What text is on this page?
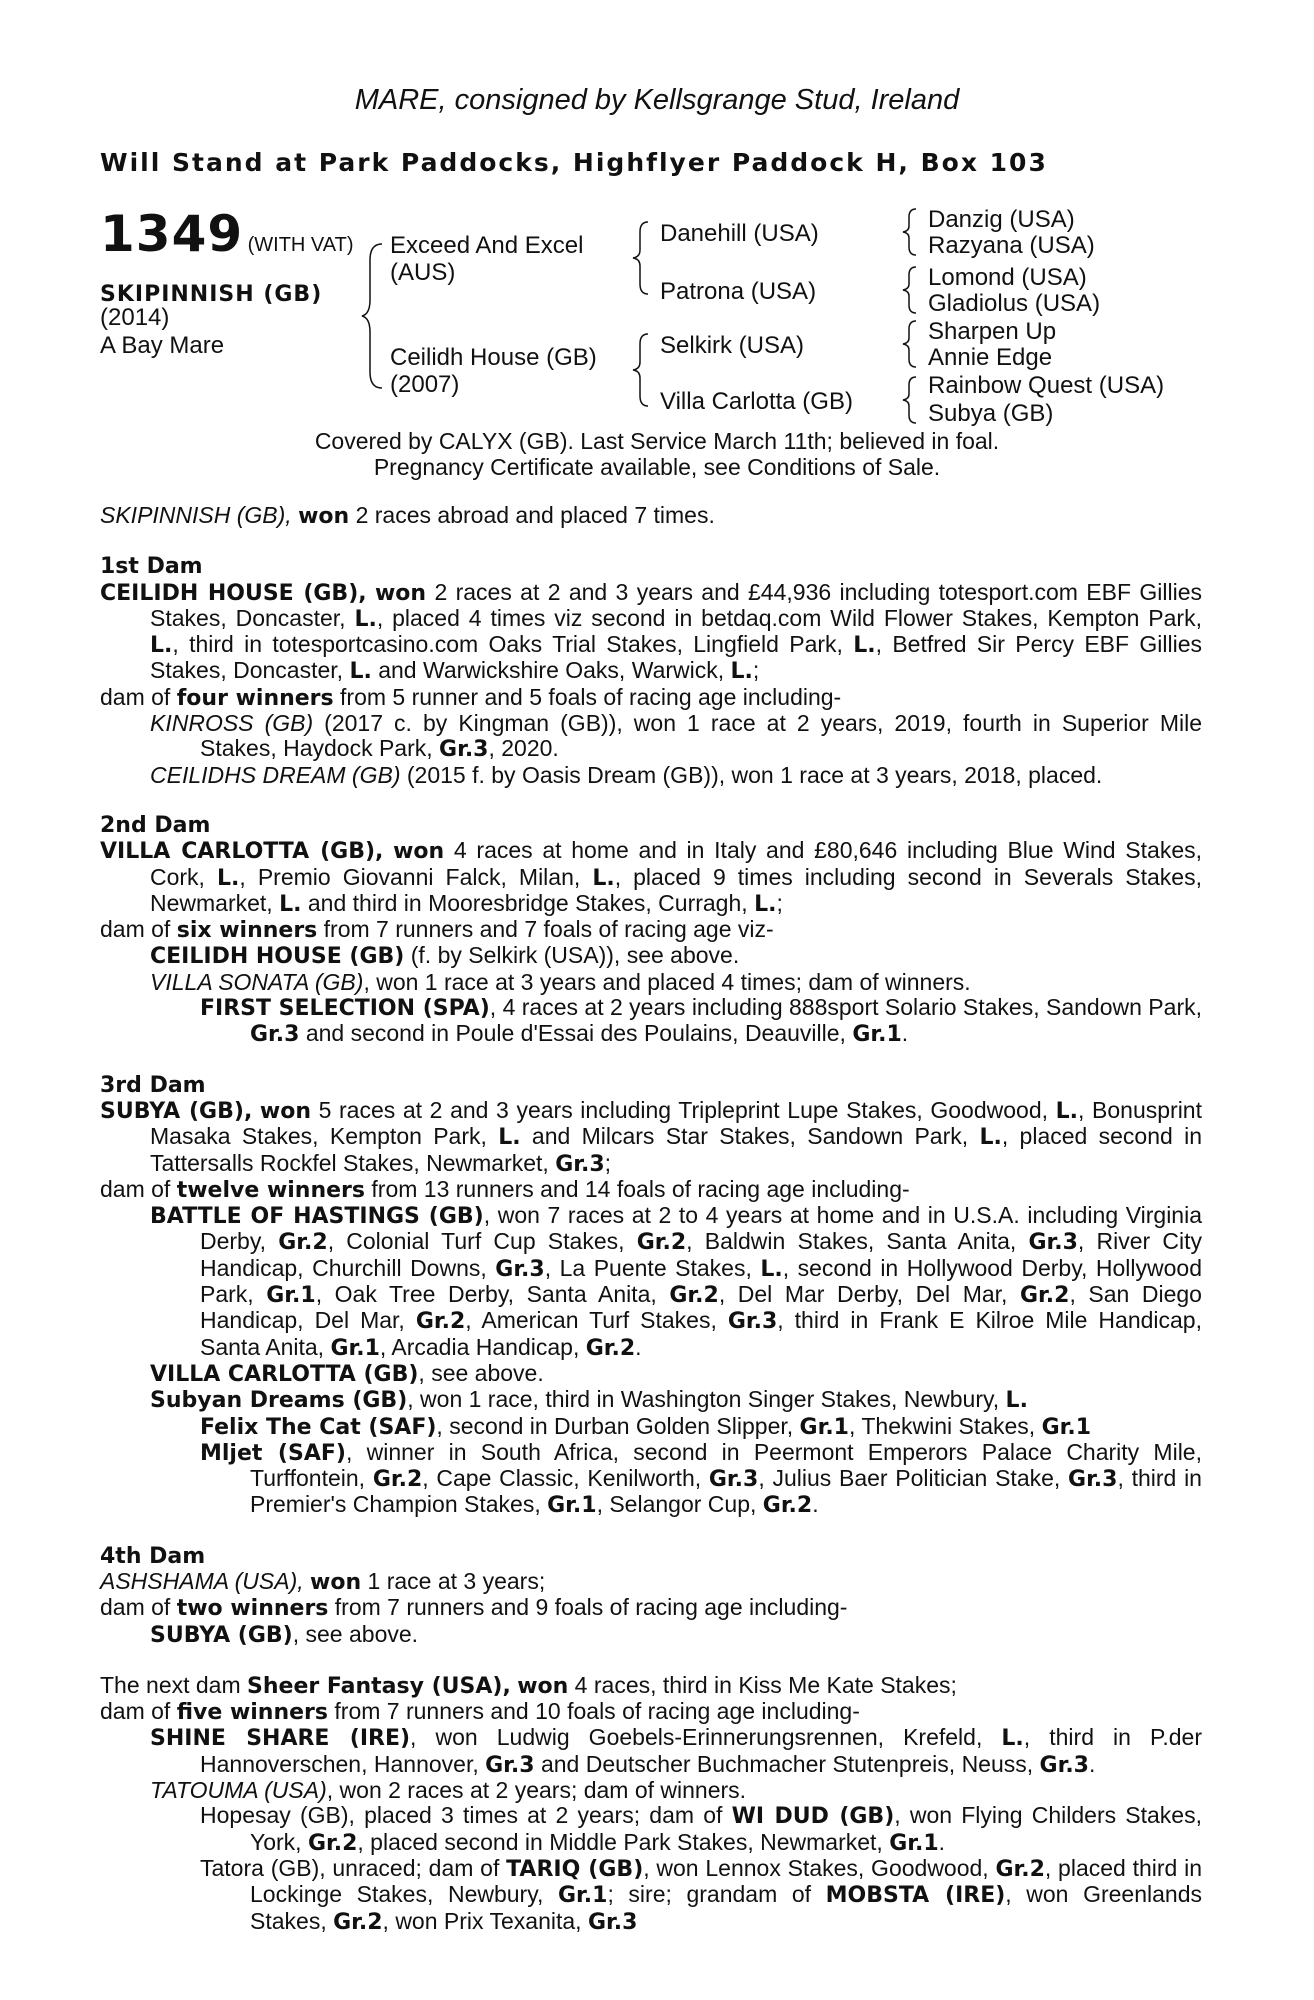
MARE, consigned by Kellsgrange Stud, Ireland
Will Stand at Park Paddocks, Highflyer Paddock H, Box 103
1349 (WITH VAT)
SKIPINNISH (GB)
(2014)
A Bay Mare
Exceed And Excel
(AUS)
Ceilidh House (GB)
(2007)
Danehill (USA)
Patrona (USA)
Selkirk (USA)
Villa Carlotta (GB)
Danzig (USA)
Razyana (USA)
Lomond (USA)
Gladiolus (USA)
Sharpen Up
Annie Edge
Rainbow Quest (USA)
Subya (GB)
Covered by CALYX (GB). Last Service March 11th; believed in foal.
Pregnancy Certificate available, see Conditions of Sale.

SKIPINNISH (GB), won 2 races abroad and placed 7 times.

1st Dam

CEILIDH HOUSE (GB), won 2 races at 2 and 3 years and £44,936 including totesport.com EBF Gillies Stakes, Doncaster, L., placed 4 times viz second in betdaq.com Wild Flower Stakes, Kempton Park, L., third in totesportcasino.com Oaks Trial Stakes, Lingfield Park, L., Betfred Sir Percy EBF Gillies Stakes, Doncaster, L. and Warwickshire Oaks, Warwick, L.;

dam of four winners from 5 runner and 5 foals of racing age including-

KINROSS (GB) (2017 c. by Kingman (GB)), won 1 race at 2 years, 2019, fourth in Superior Mile Stakes, Haydock Park, Gr.3, 2020.

CEILIDHS DREAM (GB) (2015 f. by Oasis Dream (GB)), won 1 race at 3 years, 2018, placed.

2nd Dam

VILLA CARLOTTA (GB), won 4 races at home and in Italy and £80,646 including Blue Wind Stakes, Cork, L., Premio Giovanni Falck, Milan, L., placed 9 times including second in Severals Stakes, Newmarket, L. and third in Mooresbridge Stakes, Curragh, L.;

dam of six winners from 7 runners and 7 foals of racing age viz-

CEILIDH HOUSE (GB) (f. by Selkirk (USA)), see above.

VILLA SONATA (GB), won 1 race at 3 years and placed 4 times; dam of winners.

FIRST SELECTION (SPA), 4 races at 2 years including 888sport Solario Stakes, Sandown Park, Gr.3 and second in Poule d'Essai des Poulains, Deauville, Gr.1.

3rd Dam

SUBYA (GB), won 5 races at 2 and 3 years including Tripleprint Lupe Stakes, Goodwood, L., Bonusprint Masaka Stakes, Kempton Park, L. and Milcars Star Stakes, Sandown Park, L., placed second in Tattersalls Rockfel Stakes, Newmarket, Gr.3;

dam of twelve winners from 13 runners and 14 foals of racing age including-

BATTLE OF HASTINGS (GB), won 7 races at 2 to 4 years at home and in U.S.A. including Virginia Derby, Gr.2, Colonial Turf Cup Stakes, Gr.2, Baldwin Stakes, Santa Anita, Gr.3, River City Handicap, Churchill Downs, Gr.3, La Puente Stakes, L., second in Hollywood Derby, Hollywood Park, Gr.1, Oak Tree Derby, Santa Anita, Gr.2, Del Mar Derby, Del Mar, Gr.2, San Diego Handicap, Del Mar, Gr.2, American Turf Stakes, Gr.3, third in Frank E Kilroe Mile Handicap, Santa Anita, Gr.1, Arcadia Handicap, Gr.2.

VILLA CARLOTTA (GB), see above.

Subyan Dreams (GB), won 1 race, third in Washington Singer Stakes, Newbury, L.

Felix The Cat (SAF), second in Durban Golden Slipper, Gr.1, Thekwini Stakes, Gr.1

Mljet (SAF), winner in South Africa, second in Peermont Emperors Palace Charity Mile, Turffontein, Gr.2, Cape Classic, Kenilworth, Gr.3, Julius Baer Politician Stake, Gr.3, third in Premier's Champion Stakes, Gr.1, Selangor Cup, Gr.2.

4th Dam

ASHSHAMA (USA), won 1 race at 3 years;

dam of two winners from 7 runners and 9 foals of racing age including-

SUBYA (GB), see above.

The next dam Sheer Fantasy (USA), won 4 races, third in Kiss Me Kate Stakes;

dam of five winners from 7 runners and 10 foals of racing age including-

SHINE SHARE (IRE), won Ludwig Goebels-Erinnerungsrennen, Krefeld, L., third in P.der Hannoverschen, Hannover, Gr.3 and Deutscher Buchmacher Stutenpreis, Neuss, Gr.3.

TATOUMA (USA), won 2 races at 2 years; dam of winners.

Hopesay (GB), placed 3 times at 2 years; dam of WI DUD (GB), won Flying Childers Stakes, York, Gr.2, placed second in Middle Park Stakes, Newmarket, Gr.1.

Tatora (GB), unraced; dam of TARIQ (GB), won Lennox Stakes, Goodwood, Gr.2, placed third in Lockinge Stakes, Newbury, Gr.1; sire; grandam of MOBSTA (IRE), won Greenlands Stakes, Gr.2, won Prix Texanita, Gr.3
